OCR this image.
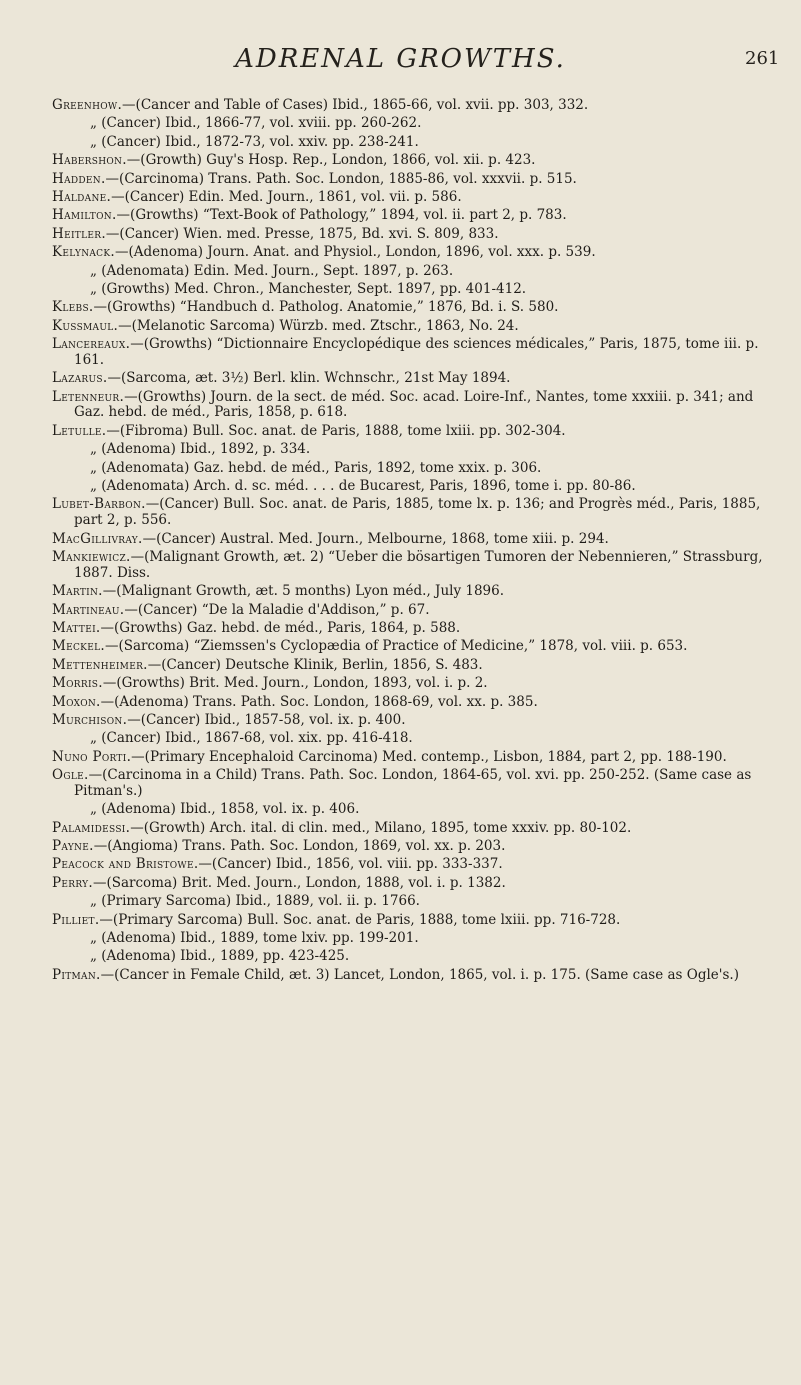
ADRENAL GROWTHS.	261
Greenhow.—(Cancer and Table of Cases) Ibid., 1865-66, vol. xvii. pp. 303, 332.
„ (Cancer) Ibid., 1866-77, vol. xviii. pp. 260-262.
„ (Cancer) Ibid., 1872-73, vol. xxiv. pp. 238-241.
Habershon.—(Growth) Guy's Hosp. Rep., London, 1866, vol. xii. p. 423.
Hadden.—(Carcinoma) Trans. Path. Soc. London, 1885-86, vol. xxxvii. p. 515.
Haldane.—(Cancer) Edin. Med. Journ., 1861, vol. vii. p. 586.
Hamilton.—(Growths) “Text-Book of Pathology,” 1894, vol. ii. part 2, p. 783.
Heitler.—(Cancer) Wien. med. Presse, 1875, Bd. xvi. S. 809, 833.
Kelynack.—(Adenoma) Journ. Anat. and Physiol., London, 1896, vol. xxx. p. 539.
„ (Adenomata) Edin. Med. Journ., Sept. 1897, p. 263.
„ (Growths) Med. Chron., Manchester, Sept. 1897, pp. 401-412.
Klebs.—(Growths) “Handbuch d. Patholog. Anatomie,” 1876, Bd. i. S. 580.
Kussmaul.—(Melanotic Sarcoma) Würzb. med. Ztschr., 1863, No. 24.
Lancereaux.—(Growths) “Dictionnaire Encyclopédique des sciences médicales,” Paris, 1875, tome iii. p. 161.
Lazarus.—(Sarcoma, æt. 3½) Berl. klin. Wchnschr., 21st May 1894.
Letenneur.—(Growths) Journ. de la sect. de méd. Soc. acad. Loire-Inf., Nantes, tome xxxiii. p. 341; and Gaz. hebd. de méd., Paris, 1858, p. 618.
Letulle.—(Fibroma) Bull. Soc. anat. de Paris, 1888, tome lxiii. pp. 302-304.
„ (Adenoma) Ibid., 1892, p. 334.
„ (Adenomata) Gaz. hebd. de méd., Paris, 1892, tome xxix. p. 306.
„ (Adenomata) Arch. d. sc. méd. . . . de Bucarest, Paris, 1896, tome i. pp. 80-86.
Lubet-Barbon.—(Cancer) Bull. Soc. anat. de Paris, 1885, tome lx. p. 136; and Progrès méd., Paris, 1885, part 2, p. 556.
MacGillivray.—(Cancer) Austral. Med. Journ., Melbourne, 1868, tome xiii. p. 294.
Mankiewicz.—(Malignant Growth, æt. 2) “Ueber die bösartigen Tumoren der Nebennieren,” Strassburg, 1887. Diss.
Martin.—(Malignant Growth, æt. 5 months) Lyon méd., July 1896.
Martineau.—(Cancer) “De la Maladie d'Addison,” p. 67.
Mattei.—(Growths) Gaz. hebd. de méd., Paris, 1864, p. 588.
Meckel.—(Sarcoma) “Ziemssen's Cyclopædia of Practice of Medicine,” 1878, vol. viii. p. 653.
Mettenheimer.—(Cancer) Deutsche Klinik, Berlin, 1856, S. 483.
Morris.—(Growths) Brit. Med. Journ., London, 1893, vol. i. p. 2.
Moxon.—(Adenoma) Trans. Path. Soc. London, 1868-69, vol. xx. p. 385.
Murchison.—(Cancer) Ibid., 1857-58, vol. ix. p. 400.
„ (Cancer) Ibid., 1867-68, vol. xix. pp. 416-418.
Nuno Porti.—(Primary Encephaloid Carcinoma) Med. contemp., Lisbon, 1884, part 2, pp. 188-190.
Ogle.—(Carcinoma in a Child) Trans. Path. Soc. London, 1864-65, vol. xvi. pp. 250-252. (Same case as Pitman's.)
„ (Adenoma) Ibid., 1858, vol. ix. p. 406.
Palamidessi.—(Growth) Arch. ital. di clin. med., Milano, 1895, tome xxxiv. pp. 80-102.
Payne.—(Angioma) Trans. Path. Soc. London, 1869, vol. xx. p. 203.
Peacock and Bristowe.—(Cancer) Ibid., 1856, vol. viii. pp. 333-337.
Perry.—(Sarcoma) Brit. Med. Journ., London, 1888, vol. i. p. 1382.
„ (Primary Sarcoma) Ibid., 1889, vol. ii. p. 1766.
Pilliet.—(Primary Sarcoma) Bull. Soc. anat. de Paris, 1888, tome lxiii. pp. 716-728.
„ (Adenoma) Ibid., 1889, tome lxiv. pp. 199-201.
„ (Adenoma) Ibid., 1889, pp. 423-425.
Pitman.—(Cancer in Female Child, æt. 3) Lancet, London, 1865, vol. i. p. 175. (Same case as Ogle's.)
